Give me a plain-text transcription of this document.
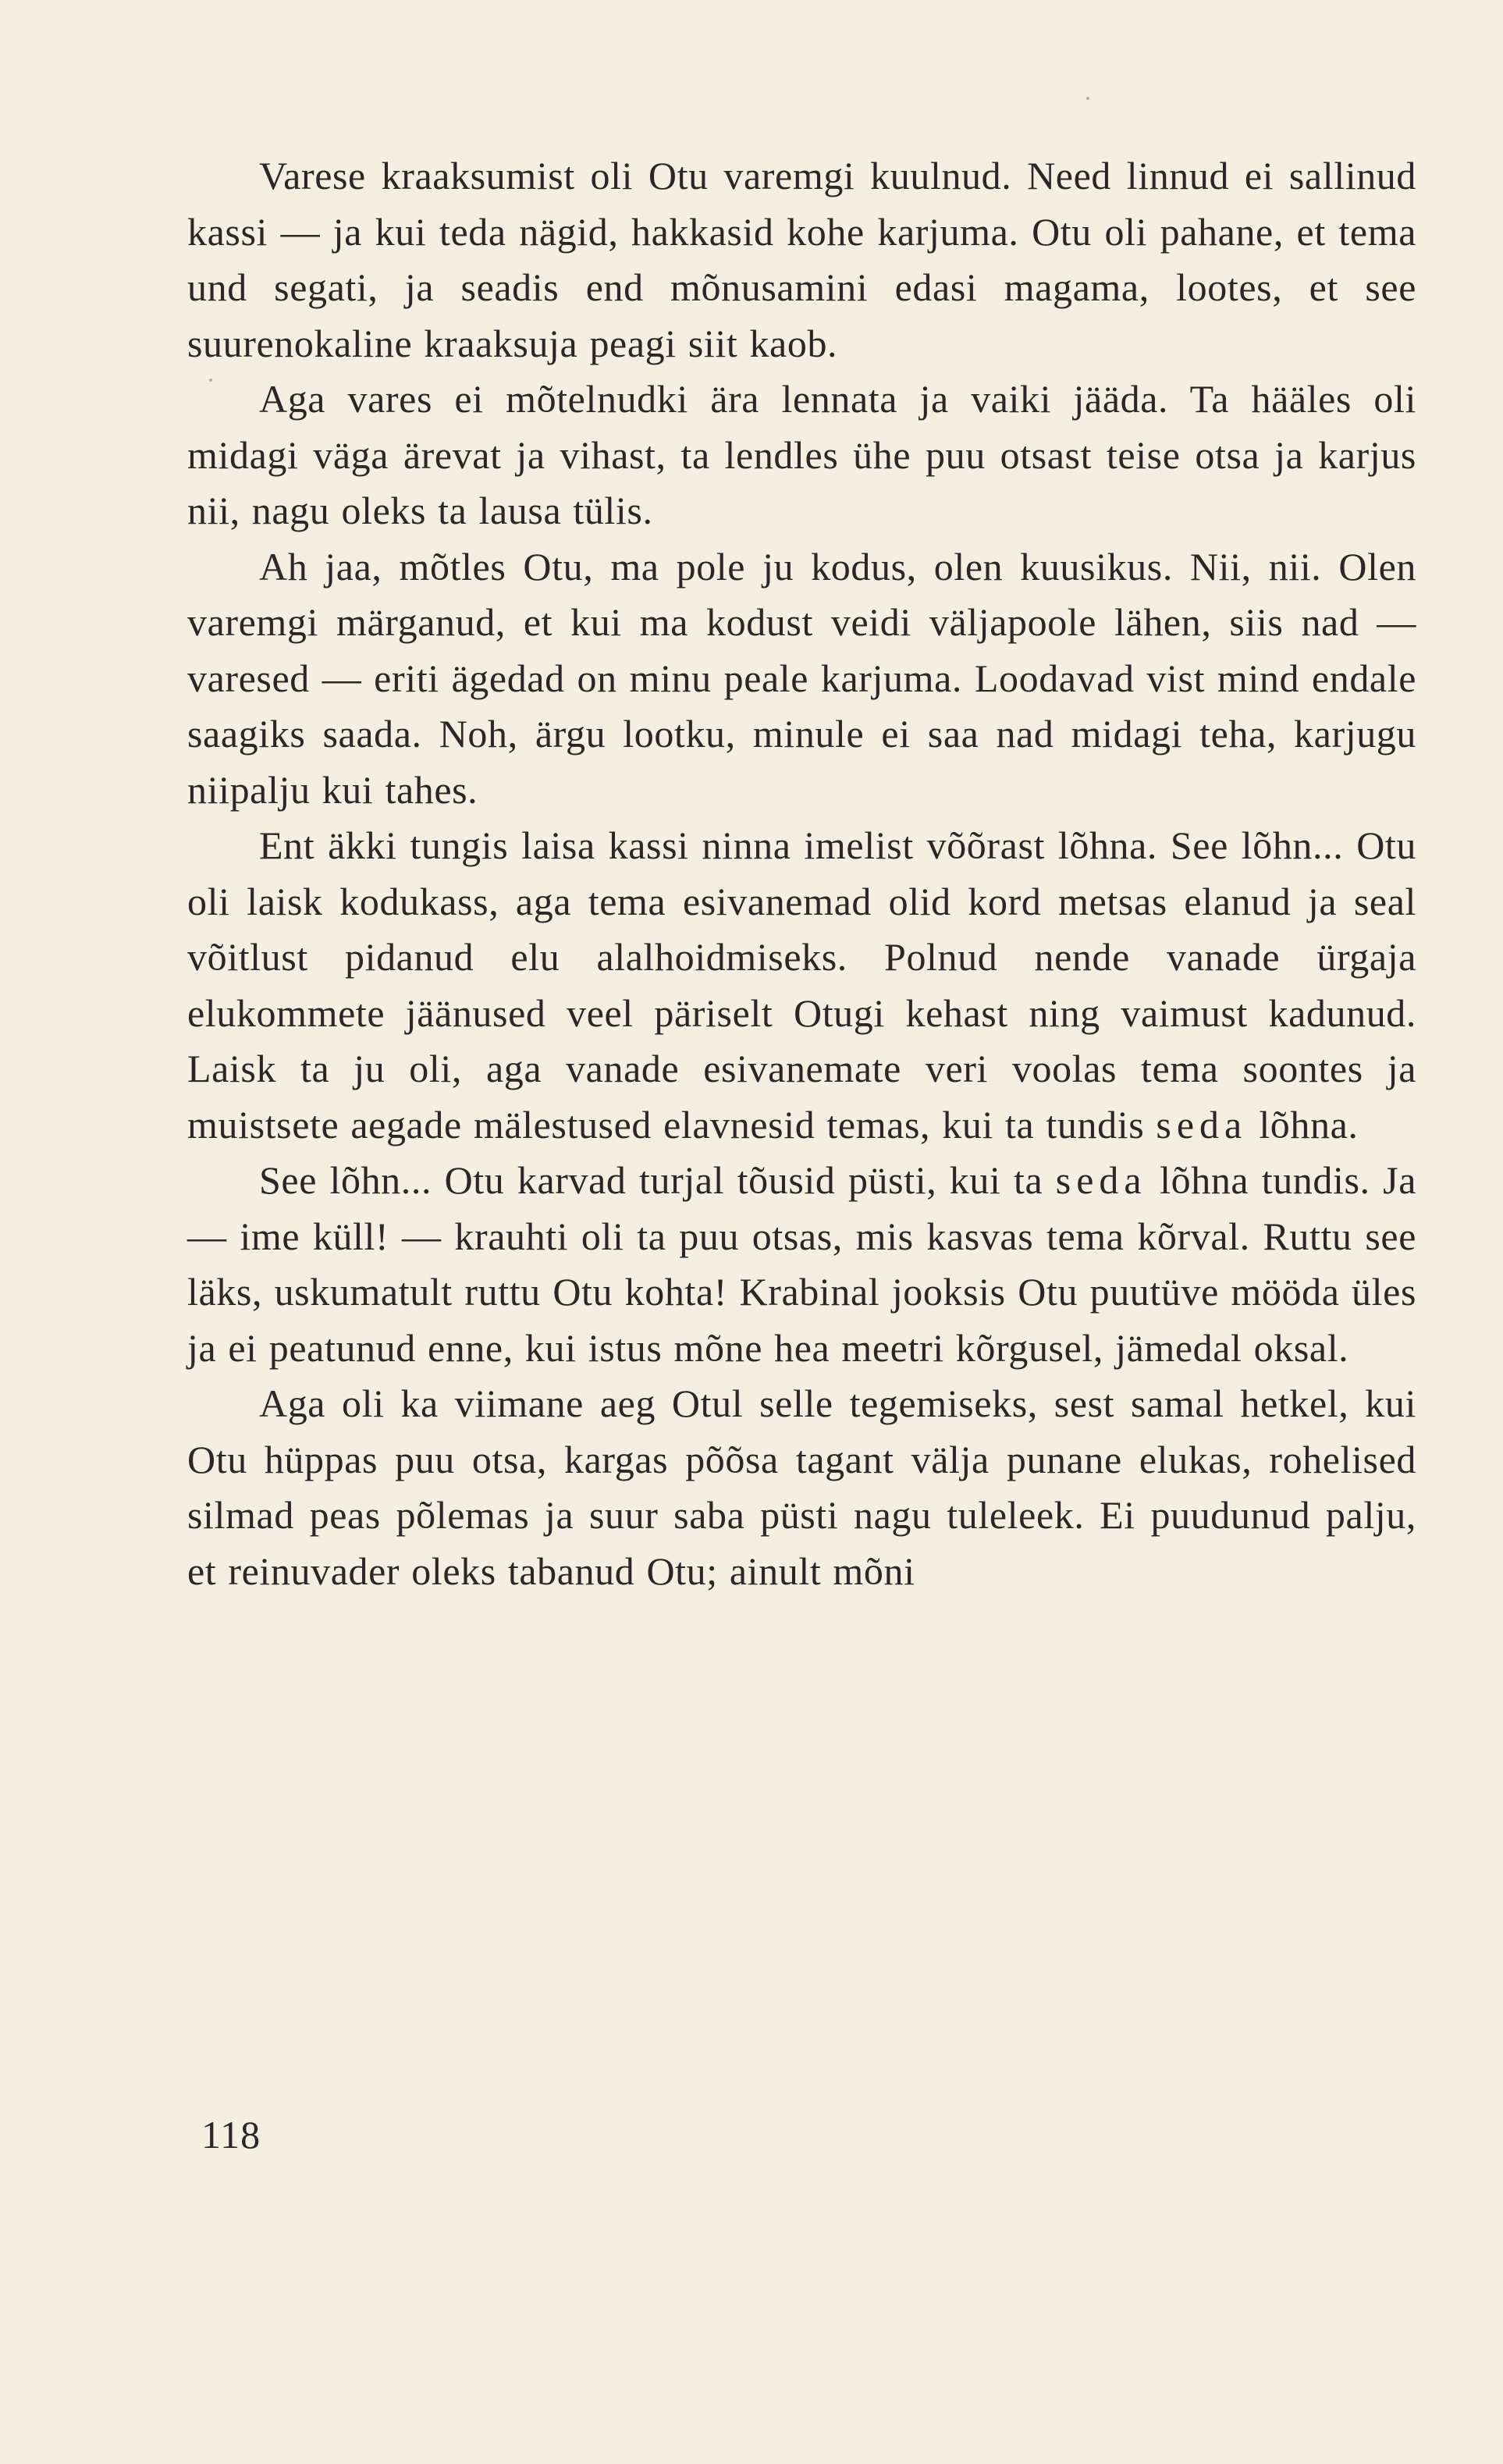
Varese kraaksumist oli Otu varemgi kuulnud. Need linnud ei sallinud kassi — ja kui teda nägid, hakkasid kohe karjuma. Otu oli pahane, et tema und segati, ja seadis end mõnusamini edasi magama, lootes, et see suurenokaline kraaksuja peagi siit kaob.

Aga vares ei mõtelnudki ära lennata ja vaiki jääda. Ta hääles oli midagi väga ärevat ja vihast, ta lendles ühe puu otsast teise otsa ja karjus nii, nagu oleks ta lausa tülis.

Ah jaa, mõtles Otu, ma pole ju kodus, olen kuusikus. Nii, nii. Olen varemgi märganud, et kui ma kodust veidi väljapoole lähen, siis nad — varesed — eriti ägedad on minu peale karjuma. Loodavad vist mind endale saagiks saada. Noh, ärgu lootku, minule ei saa nad midagi teha, karjugu niipalju kui tahes.

Ent äkki tungis laisa kassi ninna imelist võõrast lõhna. See lõhn... Otu oli laisk kodukass, aga tema esivanemad olid kord metsas elanud ja seal võitlust pidanud elu alalhoidmiseks. Polnud nende vanade ürgaja elukommete jäänused veel päriselt Otugi kehast ning vaimust kadunud. Laisk ta ju oli, aga vanade esivanemate veri voolas tema soontes ja muistsete aegade mälestused elavnesid temas, kui ta tundis seda lõhna.

See lõhn... Otu karvad turjal tõusid püsti, kui ta seda lõhna tundis. Ja — ime küll! — krauhti oli ta puu otsas, mis kasvas tema kõrval. Ruttu see läks, uskumatult ruttu Otu kohta! Krabinal jooksis Otu puutüve mööda üles ja ei peatunud enne, kui istus mõne hea meetri kõrgusel, jämedal oksal.

Aga oli ka viimane aeg Otul selle tegemiseks, sest samal hetkel, kui Otu hüppas puu otsa, kargas põõsa tagant välja punane elukas, rohelised silmad peas põlemas ja suur saba püsti nagu tuleleek. Ei puudunud palju, et reinuvader oleks tabanud Otu; ainult mõni

118
